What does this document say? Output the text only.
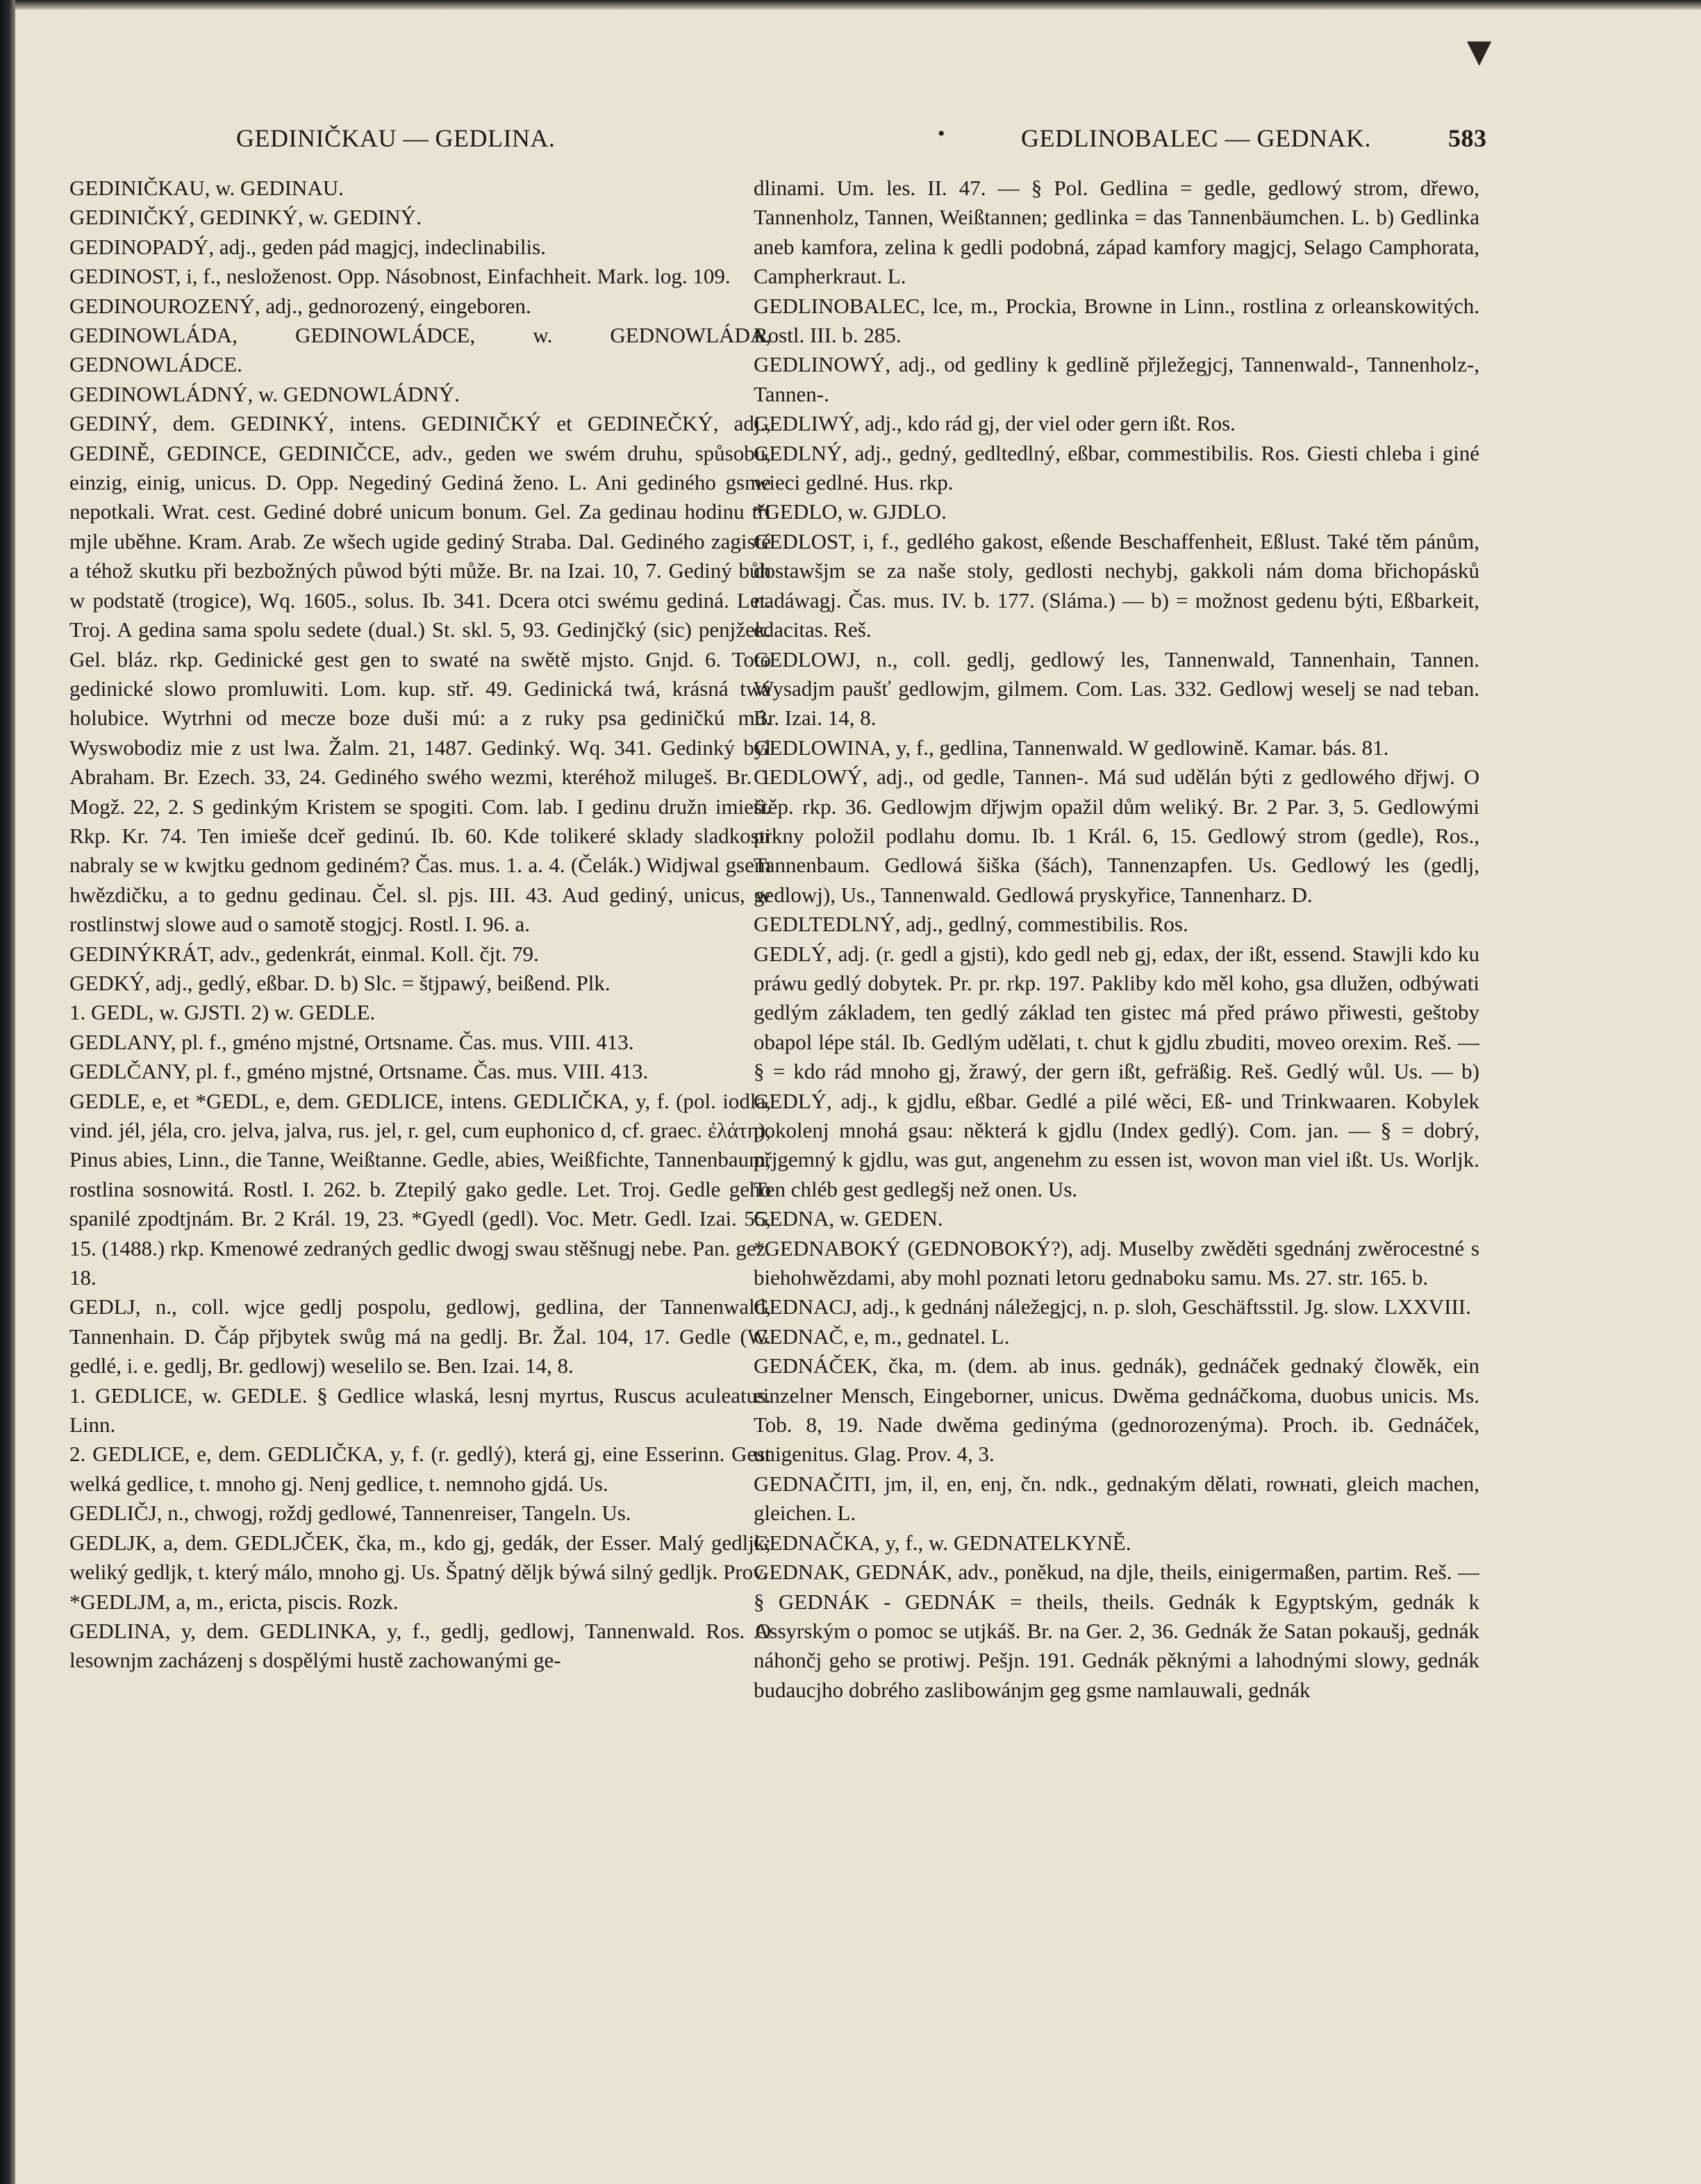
▼
GEDINIČKAU — GEDLINA.	•	GEDLINOBALEC — GEDNAK.	583

GEDINIČKAU, w. GEDINAU.

GEDINIČKÝ, GEDINKÝ, w. GEDINÝ.

GEDINOPADÝ, adj., geden pád magjcj, indeclinabilis.

GEDINOST, i, f., nesloženost. Opp. Násobnost, Einfachheit. Mark. log. 109.

GEDINOUROZENÝ, adj., gednorozený, eingeboren.

GEDINOWLÁDA, GEDINOWLÁDCE, w. GEDNOWLÁDA, GEDNOWLÁDCE.

GEDINOWLÁDNÝ, w. GEDNOWLÁDNÝ.

GEDINÝ, dem. GEDINKÝ, intens. GEDINIČKÝ et GEDINEČKÝ, adj., GEDINĚ, GEDINCE, GEDINIČCE, adv., geden we swém druhu, spůsobu, einzig, einig, unicus. D. Opp. Negediný Gediná ženo. L. Ani gediného gsme nepotkali. Wrat. cest. Gediné dobré unicum bonum. Gel. Za gedinau hodinu tři mjle uběhne. Kram. Arab. Ze wšech ugide gediný Straba. Dal. Gediného zagisté a téhož skutku při bezbožných půwod býti může. Br. na Izai. 10, 7. Gediný bůh w podstatě (trogice), Wq. 1605., solus. Ib. 341. Dcera otci swému gediná. Let. Troj. A gedina sama spolu sedete (dual.) St. skl. 5, 93. Gedinjčký (sic) penjžek. Gel. bláz. rkp. Gedinické gest gen to swaté na swětě mjsto. Gnjd. 6. Toto gedinické slowo promluwiti. Lom. kup. stř. 49. Gedinická twá, krásná twá holubice. Wytrhni od mecze boze duši mú: a z ruky psa gediničkú mú. Wyswobodiz mie z ust lwa. Žalm. 21, 1487. Gedinký. Wq. 341. Gedinký byl Abraham. Br. Ezech. 33, 24. Gediného swého wezmi, kteréhož milugeš. Br. 1 Mogž. 22, 2. S gedinkým Kristem se spogiti. Com. lab. I gedinu družn imieti. Rkp. Kr. 74. Ten imieše dceř gedinú. Ib. 60. Kde tolikeré sklady sladkosti nabraly se w kwjtku gednom gediném? Čas. mus. 1. a. 4. (Čelák.) Widjwal gsem hwězdičku, a to gednu gedinau. Čel. sl. pjs. III. 43. Aud gediný, unicus, w rostlinstwj slowe aud o samotě stogjcj. Rostl. I. 96. a.

GEDINÝKRÁT, adv., gedenkrát, einmal. Koll. čjt. 79.

GEDKÝ, adj., gedlý, eßbar. D. b) Slc. = štjpawý, beißend. Plk.

1. GEDL, w. GJSTI. 2) w. GEDLE.

GEDLANY, pl. f., gméno mjstné, Ortsname. Čas. mus. VIII. 413.

GEDLČANY, pl. f., gméno mjstné, Ortsname. Čas. mus. VIII. 413.

GEDLE, e, et *GEDL, e, dem. GEDLICE, intens. GEDLIČKA, y, f. (pol. iodla, vind. jél, jéla, cro. jelva, jalva, rus. jel, r. gel, cum euphonico d, cf. graec. ἐλάτη), Pinus abies, Linn., die Tanne, Weißtanne. Gedle, abies, Weißfichte, Tannenbaum, rostlina sosnowitá. Rostl. I. 262. b. Ztepilý gako gedle. Let. Troj. Gedle geho spanilé zpodtjnám. Br. 2 Král. 19, 23. *Gyedl (gedl). Voc. Metr. Gedl. Izai. 55, 15. (1488.) rkp. Kmenowé zedraných gedlic dwogj swau stěšnugj nebe. Pan. gez. 18.

GEDLJ, n., coll. wjce gedlj pospolu, gedlowj, gedlina, der Tannenwald, Tannenhain. D. Čáp přjbytek swůg má na gedlj. Br. Žal. 104, 17. Gedle (W. gedlé, i. e. gedlj, Br. gedlowj) weselilo se. Ben. Izai. 14, 8.

1. GEDLICE, w. GEDLE. § Gedlice wlaská, lesnj myrtus, Ruscus aculeatus. Linn.

2. GEDLICE, e, dem. GEDLIČKA, y, f. (r. gedlý), která gj, eine Esserinn. Gest welká gedlice, t. mnoho gj. Nenj gedlice, t. nemnoho gjdá. Us.

GEDLIČJ, n., chwogj, roždj gedlowé, Tannenreiser, Tangeln. Us.

GEDLJK, a, dem. GEDLJČEK, čka, m., kdo gj, gedák, der Esser. Malý gedljk; weliký gedljk, t. který málo, mnoho gj. Us. Špatný děljk býwá silný gedljk. Prov.

*GEDLJM, a, m., ericta, piscis. Rozk.

GEDLINA, y, dem. GEDLINKA, y, f., gedlj, gedlowj, Tannenwald. Ros. O lesownjm zacházenj s dospělými hustě zachowanými ge-

dlinami. Um. les. II. 47. — § Pol. Gedlina = gedle, gedlowý strom, dřewo, Tannenholz, Tannen, Weißtannen; gedlinka = das Tannenbäumchen. L. b) Gedlinka aneb kamfora, zelina k gedli podobná, západ kamfory magjcj, Selago Camphorata, Campherkraut. L.

GEDLINOBALEC, lce, m., Prockia, Browne in Linn., rostlina z orleanskowitých. Rostl. III. b. 285.

GEDLINOWÝ, adj., od gedliny k gedlině přjležegjcj, Tannenwald-, Tannenholz-, Tannen-.

GEDLIWÝ, adj., kdo rád gj, der viel oder gern ißt. Ros.

GEDLNÝ, adj., gedný, gedltedlný, eßbar, commestibilis. Ros. Giesti chleba i giné wieci gedlné. Hus. rkp.

*GEDLO, w. GJDLO.

GEDLOST, i, f., gedlého gakost, eßende Beschaffenheit, Eßlust. Také těm pánům, dostawšjm se za naše stoly, gedlosti nechybj, gakkoli nám doma břichopásků nadáwagj. Čas. mus. IV. b. 177. (Sláma.) — b) = možnost gedenu býti, Eßbarkeit, edacitas. Reš.

GEDLOWJ, n., coll. gedlj, gedlowý les, Tannenwald, Tannenhain, Tannen. Wysadjm paušť gedlowjm, gilmem. Com. Las. 332. Gedlowj weselj se nad teban. Br. Izai. 14, 8.

GEDLOWINA, y, f., gedlina, Tannenwald. W gedlowině. Kamar. bás. 81.

GEDLOWÝ, adj., od gedle, Tannen-. Má sud udělán býti z gedlowého dřjwj. O štěp. rkp. 36. Gedlowjm dřjwjm opažil dům weliký. Br. 2 Par. 3, 5. Gedlowými prkny položil podlahu domu. Ib. 1 Král. 6, 15. Gedlowý strom (gedle), Ros., Tannenbaum. Gedlowá šiška (šách), Tannenzapfen. Us. Gedlowý les (gedlj, gedlowj), Us., Tannenwald. Gedlowá pryskyřice, Tannenharz. D.

GEDLTEDLNÝ, adj., gedlný, commestibilis. Ros.

GEDLÝ, adj. (r. gedl a gjsti), kdo gedl neb gj, edax, der ißt, essend. Stawjli kdo ku práwu gedlý dobytek. Pr. pr. rkp. 197. Pakliby kdo měl koho, gsa dlužen, odbýwati gedlým základem, ten gedlý základ ten gistec má před práwo přiwesti, geštoby obapol lépe stál. Ib. Gedlým udělati, t. chut k gjdlu zbuditi, moveo orexim. Reš. — § = kdo rád mnoho gj, žrawý, der gern ißt, gefräßig. Reš. Gedlý wůl. Us. — b) GEDLÝ, adj., k gjdlu, eßbar. Gedlé a pilé wěci, Eß- und Trinkwaaren. Kobylek pokolenj mnohá gsau: některá k gjdlu (Index gedlý). Com. jan. — § = dobrý, přjgemný k gjdlu, was gut, angenehm zu essen ist, wovon man viel ißt. Us. Worljk. Ten chléb gest gedlegšj než onen. Us.

GEDNA, w. GEDEN.

*GEDNABOKÝ (GEDNOBOKÝ?), adj. Muselby zwěděti sgednánj zwěrocestné s biehohwězdami, aby mohl poznati letoru gednaboku samu. Ms. 27. str. 165. b.

GEDNACJ, adj., k gednánj náležegjcj, n. p. sloh, Geschäftsstil. Jg. slow. LXXVIII.

GEDNAČ, e, m., gednatel. L.

GEDNÁČEK, čka, m. (dem. ab inus. gednák), gednáček gednaký člowěk, ein einzelner Mensch, Eingeborner, unicus. Dwěma gednáčkoma, duobus unicis. Ms. Tob. 8, 19. Nade dwěma gedinýma (gednorozenýma). Proch. ib. Gednáček, unigenitus. Glag. Prov. 4, 3.

GEDNAČITI, jm, il, en, enj, čn. ndk., gednakým dělati, rowнati, gleich machen, gleichen. L.

GEDNAČKA, y, f., w. GEDNATELKYNĚ.

GEDNAK, GEDNÁK, adv., poněkud, na djle, theils, einigermaßen, partim. Reš. — § GEDNÁK - GEDNÁK = theils, theils. Gednák k Egyptským, gednák k Assyrským o pomoc se utjkáš. Br. na Ger. 2, 36. Gednák že Satan pokaušj, gednák náhončj geho se protiwj. Pešjn. 191. Gednák pěknými a lahodnými slowy, gednák budaucjho dobrého zaslibowánjm geg gsme namlauwali, gednák
